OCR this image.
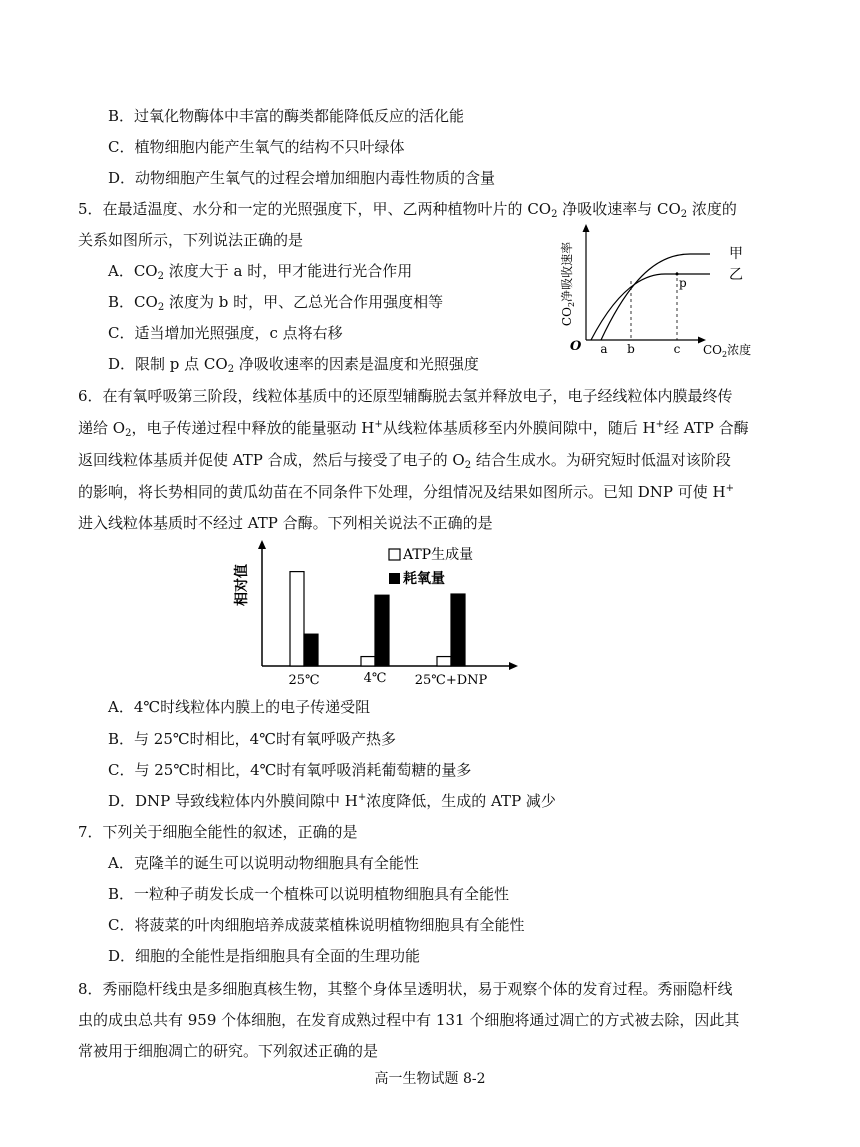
B．过氧化物酶体中丰富的酶类都能降低反应的活化能
C．植物细胞内能产生氧气的结构不只叶绿体
D．动物细胞产生氧气的过程会增加细胞内毒性物质的含量
5．在最适温度、水分和一定的光照强度下，甲、乙两种植物叶片的 $CO_2$ 净吸收速率与 $CO_2$ 浓度的
关系如图所示，下列说法正确的是
A．$CO_2$ 浓度大于 a 时，甲才能进行光合作用
B．$CO_2$ 浓度为 b 时，甲、乙总光合作用强度相等
C．适当增加光照强度，c 点将右移
D．限制 p 点 $CO_2$ 净吸收速率的因素是温度和光照强度
$CO_2$净吸收速率
O a b	c $CO_2$浓度
p
甲
乙
6．在有氧呼吸第三阶段，线粒体基质中的还原型辅酶脱去氢并释放电子，电子经线粒体内膜最终传
递给 $O_2$，电子传递过程中释放的能量驱动 H+从线粒体基质移至内外膜间隙中，随后 H+经 ATP 合酶
返回线粒体基质并促使 ATP 合成，然后与接受了电子的 $O_2$ 结合生成水。为研究短时低温对该阶段
的影响，将长势相同的黄瓜幼苗在不同条件下处理，分组情况及结果如图所示。已知 DNP 可使 H+
进入线粒体基质时不经过 ATP 合酶。下列相关说法不正确的是
相对值
ATP生成量
耗氧量
25℃	4℃ 25℃+DNP
A．4℃时线粒体内膜上的电子传递受阻
B．与 25℃时相比，4℃时有氧呼吸产热多
C．与 25℃时相比，4℃时有氧呼吸消耗葡萄糖的量多
D．DNP 导致线粒体内外膜间隙中 H+浓度降低，生成的 ATP 减少
7．下列关于细胞全能性的叙述，正确的是
A．克隆羊的诞生可以说明动物细胞具有全能性
B．一粒种子萌发长成一个植株可以说明植物细胞具有全能性
C．将菠菜的叶肉细胞培养成菠菜植株说明植物细胞具有全能性
D．细胞的全能性是指细胞具有全面的生理功能
8．秀丽隐杆线虫是多细胞真核生物，其整个身体呈透明状，易于观察个体的发育过程。秀丽隐杆线
虫的成虫总共有 959 个体细胞，在发育成熟过程中有 131 个细胞将通过凋亡的方式被去除，因此其
常被用于细胞凋亡的研究。下列叙述正确的是
高一生物试题 8-2
